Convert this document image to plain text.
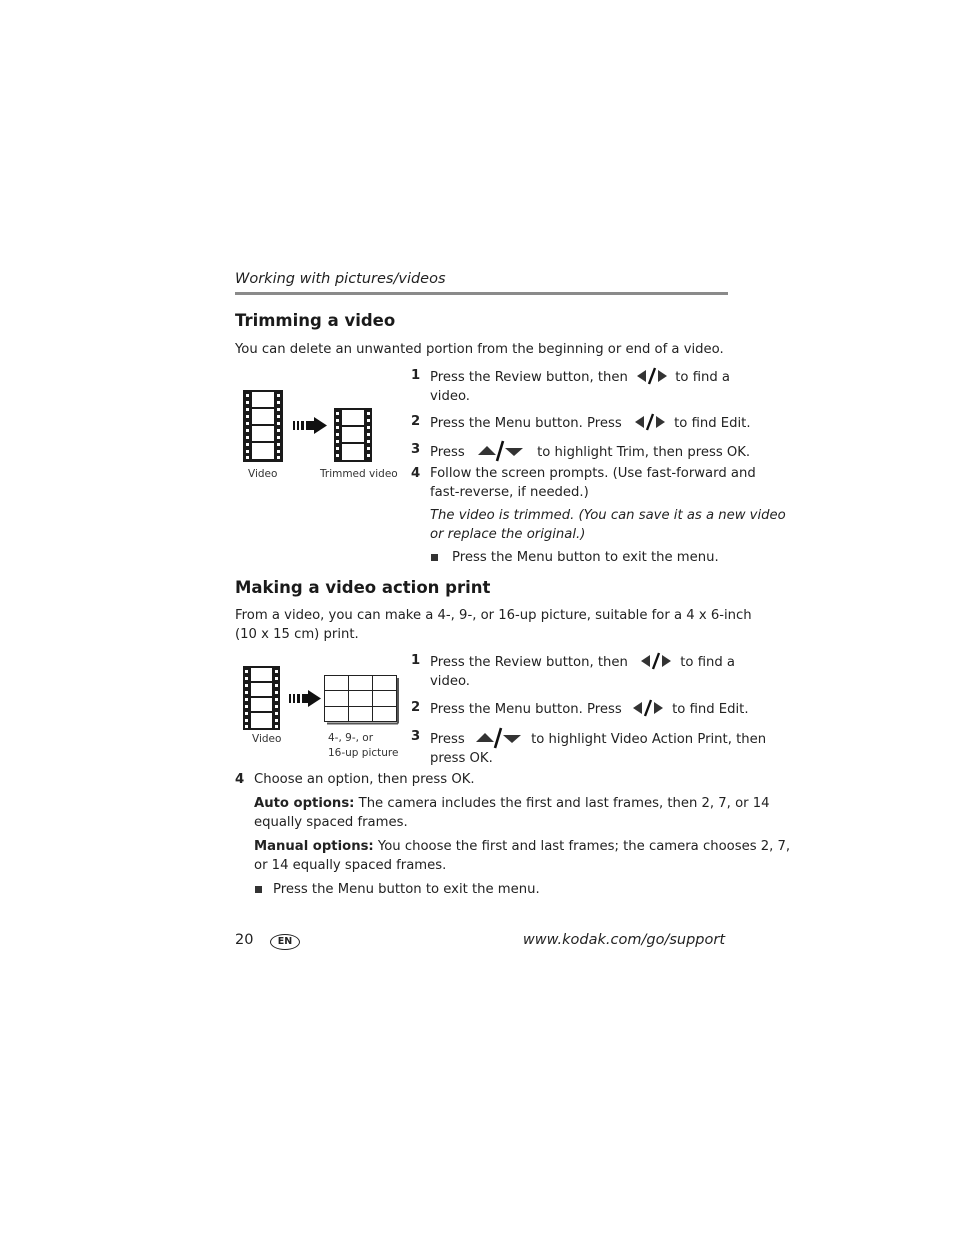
Working with pictures/videos
Trimming a video
You can delete an unwanted portion from the beginning or end of a video.
Video	Trimmed video
1 Press the Review button, then	to find a
video.
2 Press the Menu button. Press	to find Edit.
3 Press	to highlight Trim, then press OK.
4 Follow the screen prompts. (Use fast-forward and
fast-reverse, if needed.)
The video is trimmed. (You can save it as a new video
or replace the original.)
Press the Menu button to exit the menu.
Making a video action print
From a video, you can make a 4-, 9-, or 16-up picture, suitable for a 4 x 6-inch
(10 x 15 cm) print.
Video	4-, 9-, or
16-up picture
1 Press the Review button, then	to find a
video.
2 Press the Menu button. Press	to find Edit.
3 Press	to highlight Video Action Print, then
press OK.
4 Choose an option, then press OK.
Auto options: The camera includes the first and last frames, then 2, 7, or 14
equally spaced frames.
Manual options: You choose the first and last frames; the camera chooses 2, 7,
or 14 equally spaced frames.
Press the Menu button to exit the menu.
20	EN	www.kodak.com/go/support
